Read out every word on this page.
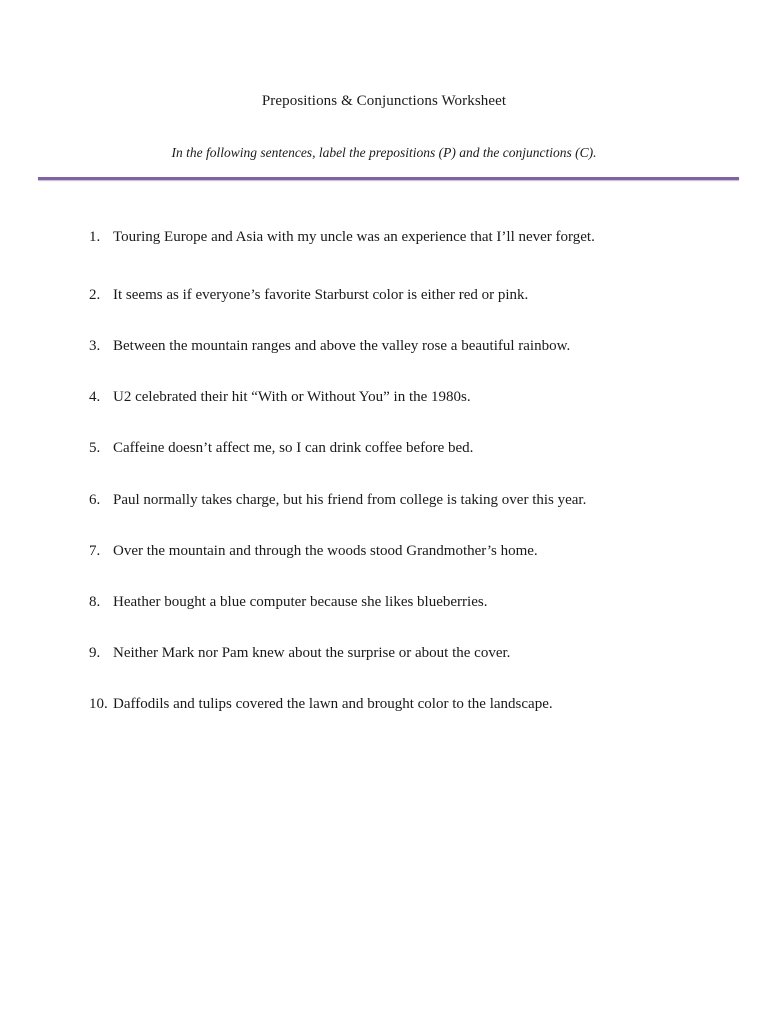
Prepositions & Conjunctions Worksheet
In the following sentences, label the prepositions (P) and the conjunctions (C).
1. Touring Europe and Asia with my uncle was an experience that I’ll never forget.
2. It seems as if everyone’s favorite Starburst color is either red or pink.
3. Between the mountain ranges and above the valley rose a beautiful rainbow.
4. U2 celebrated their hit “With or Without You” in the 1980s.
5. Caffeine doesn’t affect me, so I can drink coffee before bed.
6. Paul normally takes charge, but his friend from college is taking over this year.
7. Over the mountain and through the woods stood Grandmother’s home.
8. Heather bought a blue computer because she likes blueberries.
9. Neither Mark nor Pam knew about the surprise or about the cover.
10. Daffodils and tulips covered the lawn and brought color to the landscape.
